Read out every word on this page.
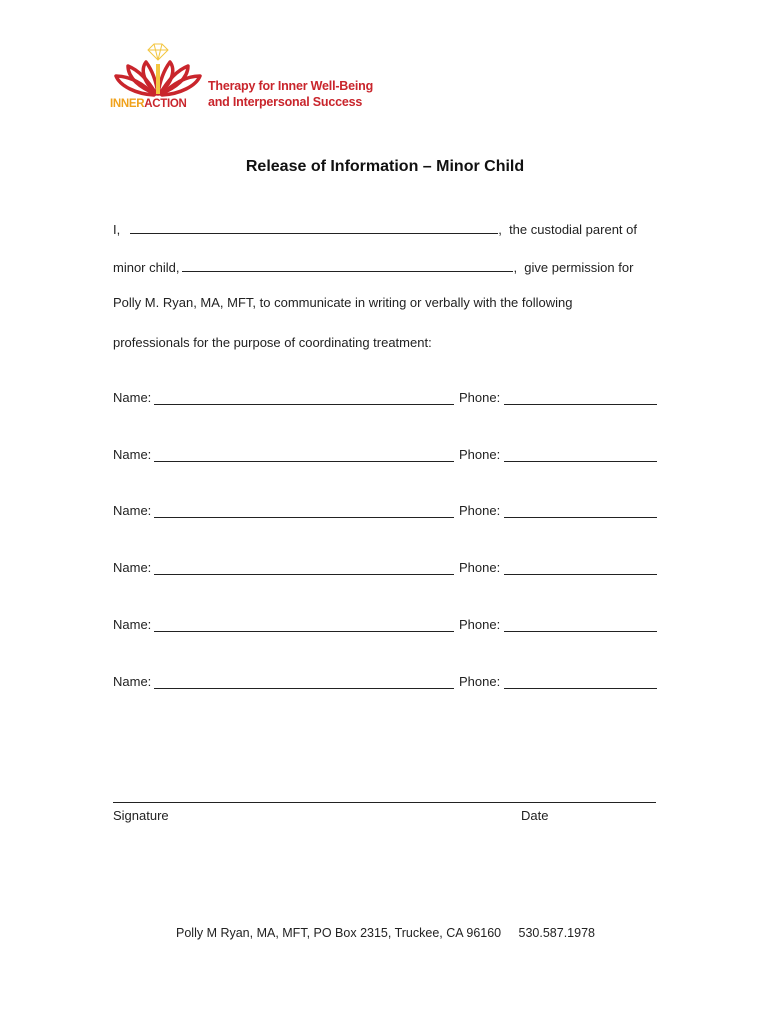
Therapy for Inner Well-Being
and Interpersonal Success
INNERACTION
Release of Information – Minor Child
I,	,  the custodial parent of
minor child,	,  give permission for
Polly M. Ryan, MA, MFT, to communicate in writing or verbally with the following
professionals for the purpose of coordinating treatment:
Name:	Phone:
Name:	Phone:
Name:	Phone:
Name:	Phone:
Name:	Phone:
Name:	Phone:
Signature	Date
Polly M Ryan, MA, MFT, PO Box 2315, Truckee, CA 96160 530.587.1978
